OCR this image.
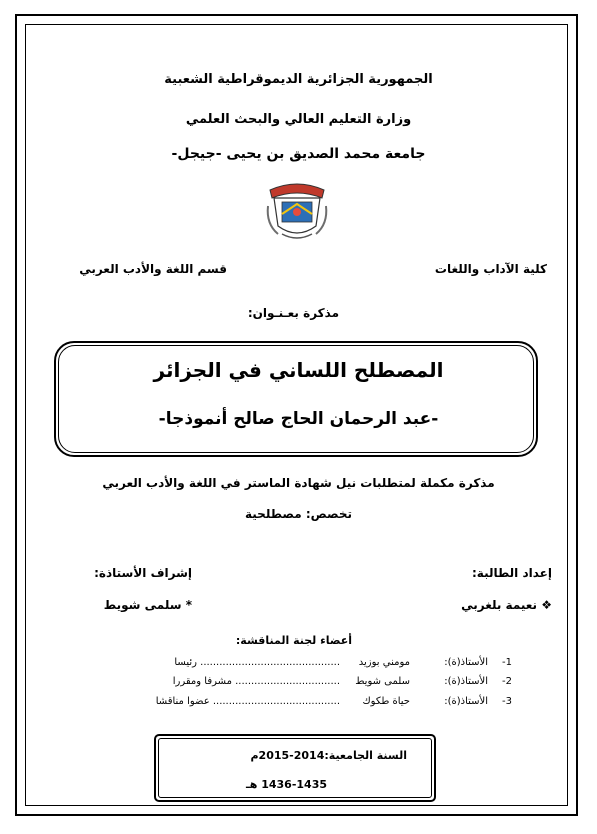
الجمهورية الجزائرية الديموقراطية الشعبية
وزارة التعليم العالي والبحث العلمي
جامعة محمد الصديق بن يحيى -جيجل-
كلية الآداب واللغات
قسم اللغة والأدب العربي
مذكرة بعـنـوان:
المصطلح اللساني في الجزائر
-عبد الرحمان الحاج صالح أنموذجا-
مذكرة مكملة لمتطلبات نيل شهادة الماستر في اللغة والأدب العربي
تخصص: مصطلحية
إعداد الطالبة:
إشراف الأستاذة:
❖ نعيمة بلغربي
* سلمى شويط
أعضاء لجنة المناقشة:
1-الأستاذ(ة):مومني بوزيد............................................ رئيسا
2-الأستاذ(ة):سلمى شويط................................. مشرفا ومقررا
3-الأستاذ(ة):حياة طكوك........................................ عضوا مناقشا
السنة الجامعية:2014-2015م
1436-1435 هـ
